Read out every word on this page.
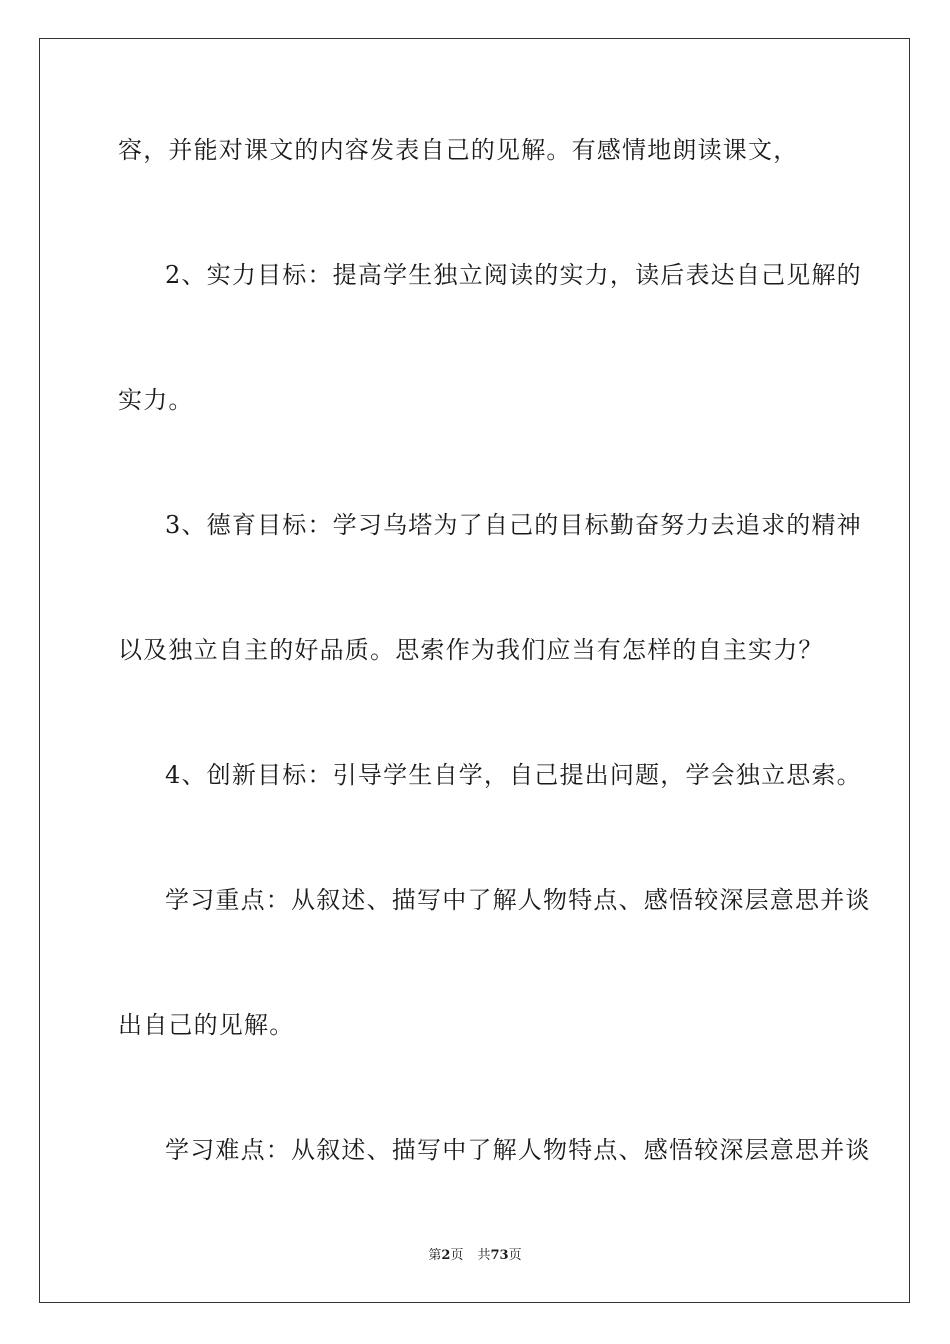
容，并能对课文的内容发表自己的见解。有感情地朗读课文，
2、实力目标：提高学生独立阅读的实力，读后表达自己见解的
实力。
3、德育目标：学习乌塔为了自己的目标勤奋努力去追求的精神
以及独立自主的好品质。思索作为我们应当有怎样的自主实力？
4、创新目标：引导学生自学，自己提出问题，学会独立思索。
学习重点：从叙述、描写中了解人物特点、感悟较深层意思并谈
出自己的见解。
学习难点：从叙述、描写中了解人物特点、感悟较深层意思并谈
第2页 共73页
